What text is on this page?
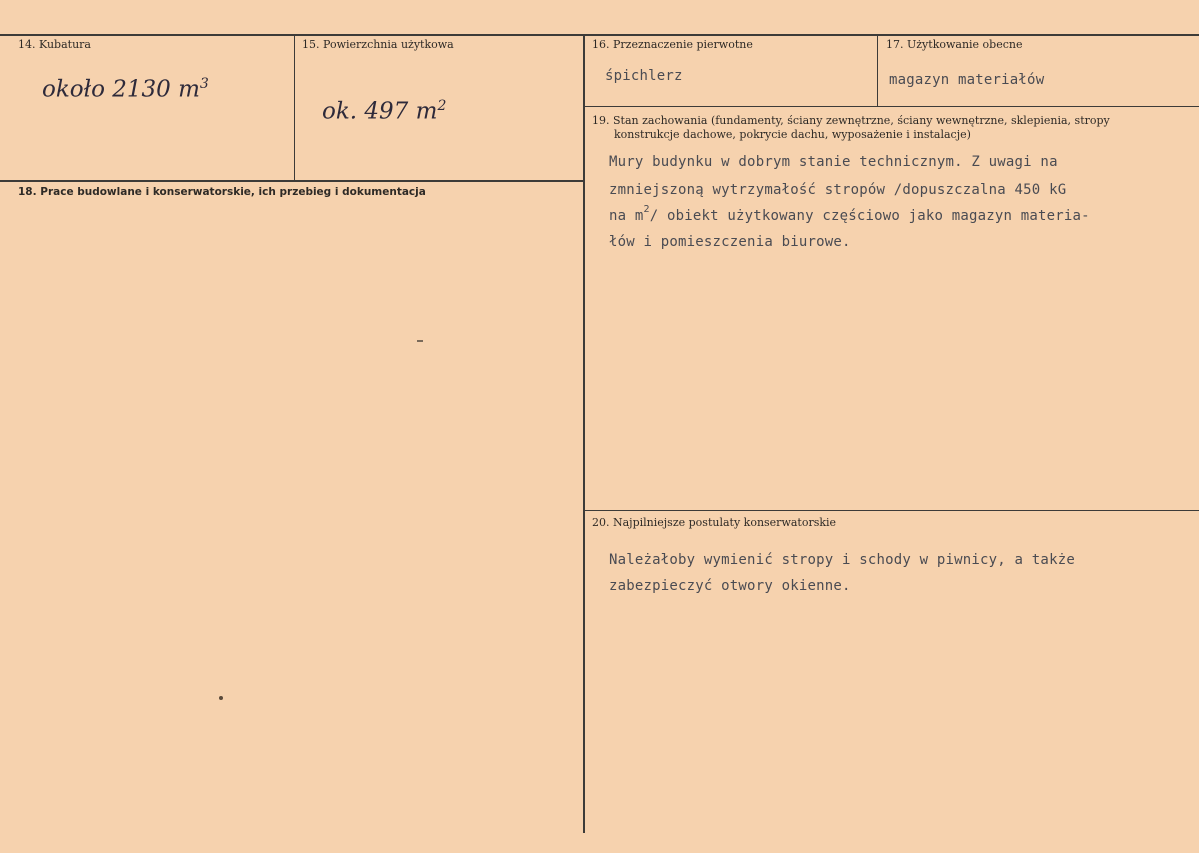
14. Kubatura
około 2130 $m^3$
15. Powierzchnia użytkowa
ok. 497 $m^2$
16. Przeznaczenie pierwotne
śpichlerz
17. Użytkowanie obecne
magazyn materiałów
18. Prace budowlane i konserwatorskie, ich przebieg i dokumentacja
19. Stan zachowania (fundamenty, ściany zewnętrzne, ściany wewnętrzne, sklepienia, stropy
konstrukcje dachowe, pokrycie dachu, wyposażenie i instalacje)
Mury budynku w dobrym stanie technicznym. Z uwagi na
zmniejszoną wytrzymałość stropów /dopuszczalna 450 kG
na $m^2/$ obiekt użytkowany częściowo jako magazyn materia-
łów i pomieszczenia biurowe.
20. Najpilniejsze postulaty konserwatorskie
Należałoby wymienić stropy i schody w piwnicy, a także
zabezpieczyć otwory okienne.
